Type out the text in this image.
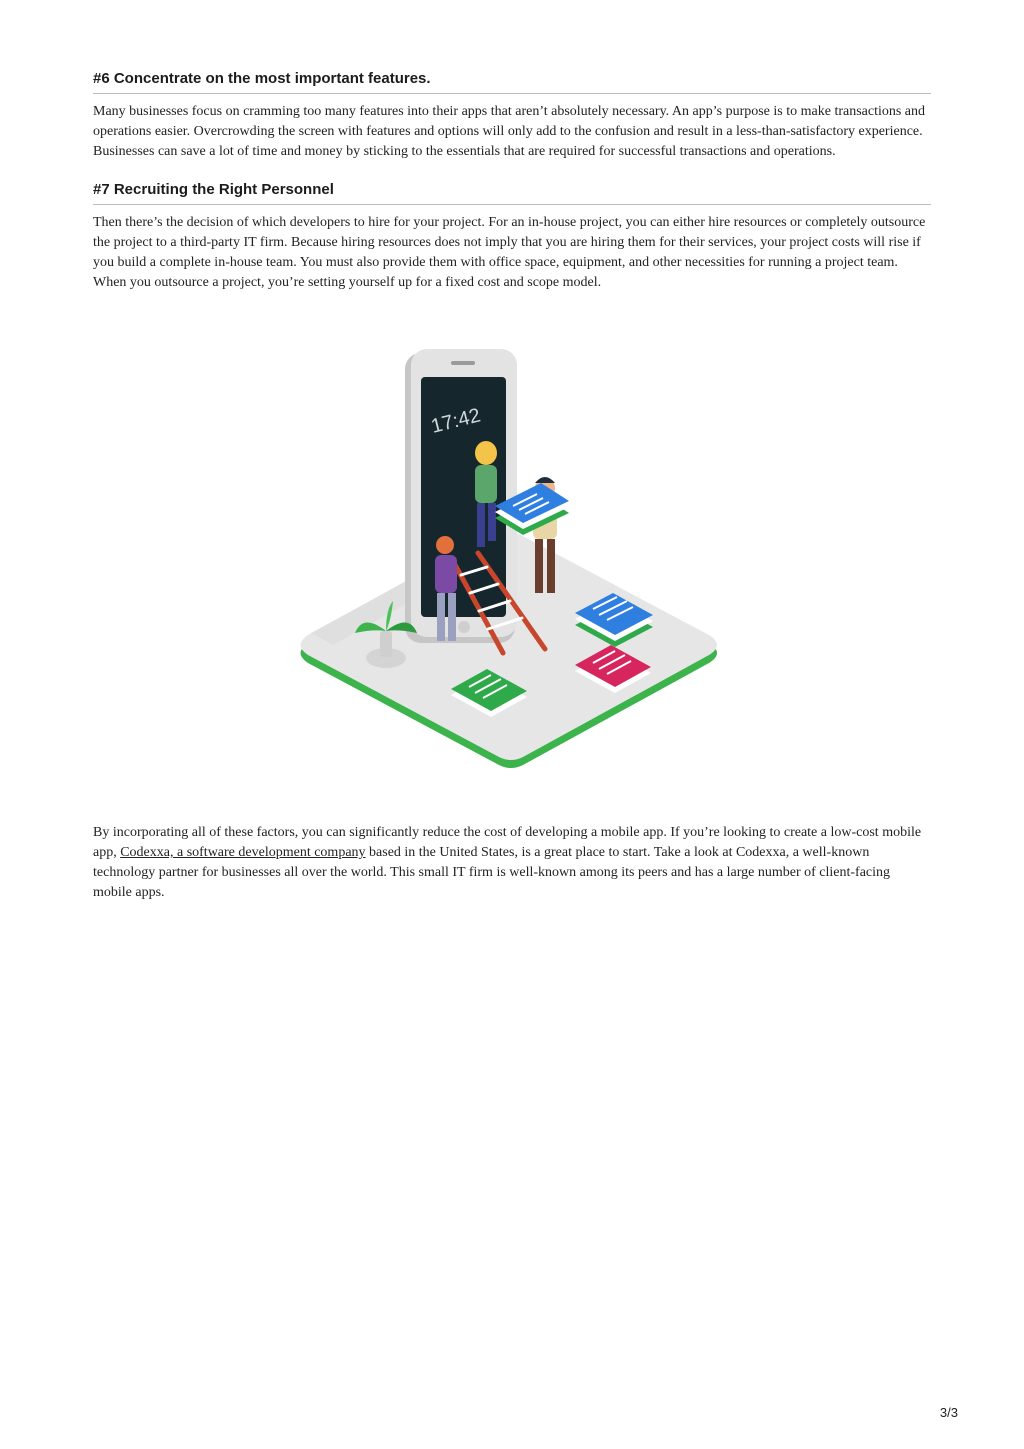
#6 Concentrate on the most important features.

Many businesses focus on cramming too many features into their apps that aren’t absolutely necessary. An app’s purpose is to make transactions and operations easier. Overcrowding the screen with features and options will only add to the confusion and result in a less-than-satisfactory experience. Businesses can save a lot of time and money by sticking to the essentials that are required for successful transactions and operations.

#7 Recruiting the Right Personnel

Then there’s the decision of which developers to hire for your project. For an in-house project, you can either hire resources or completely outsource the project to a third-party IT firm. Because hiring resources does not imply that you are hiring them for their services, your project costs will rise if you build a complete in-house team. You must also provide them with office space, equipment, and other necessities for running a project team. When you outsource a project, you’re setting yourself up for a fixed cost and scope model.

17:42

By incorporating all of these factors, you can significantly reduce the cost of developing a mobile app. If you’re looking to create a low-cost mobile app, Codexxa, a software development company based in the United States, is a great place to start. Take a look at Codexxa, a well-known technology partner for businesses all over the world. This small IT firm is well-known among its peers and has a large number of client-facing mobile apps.

3/3
